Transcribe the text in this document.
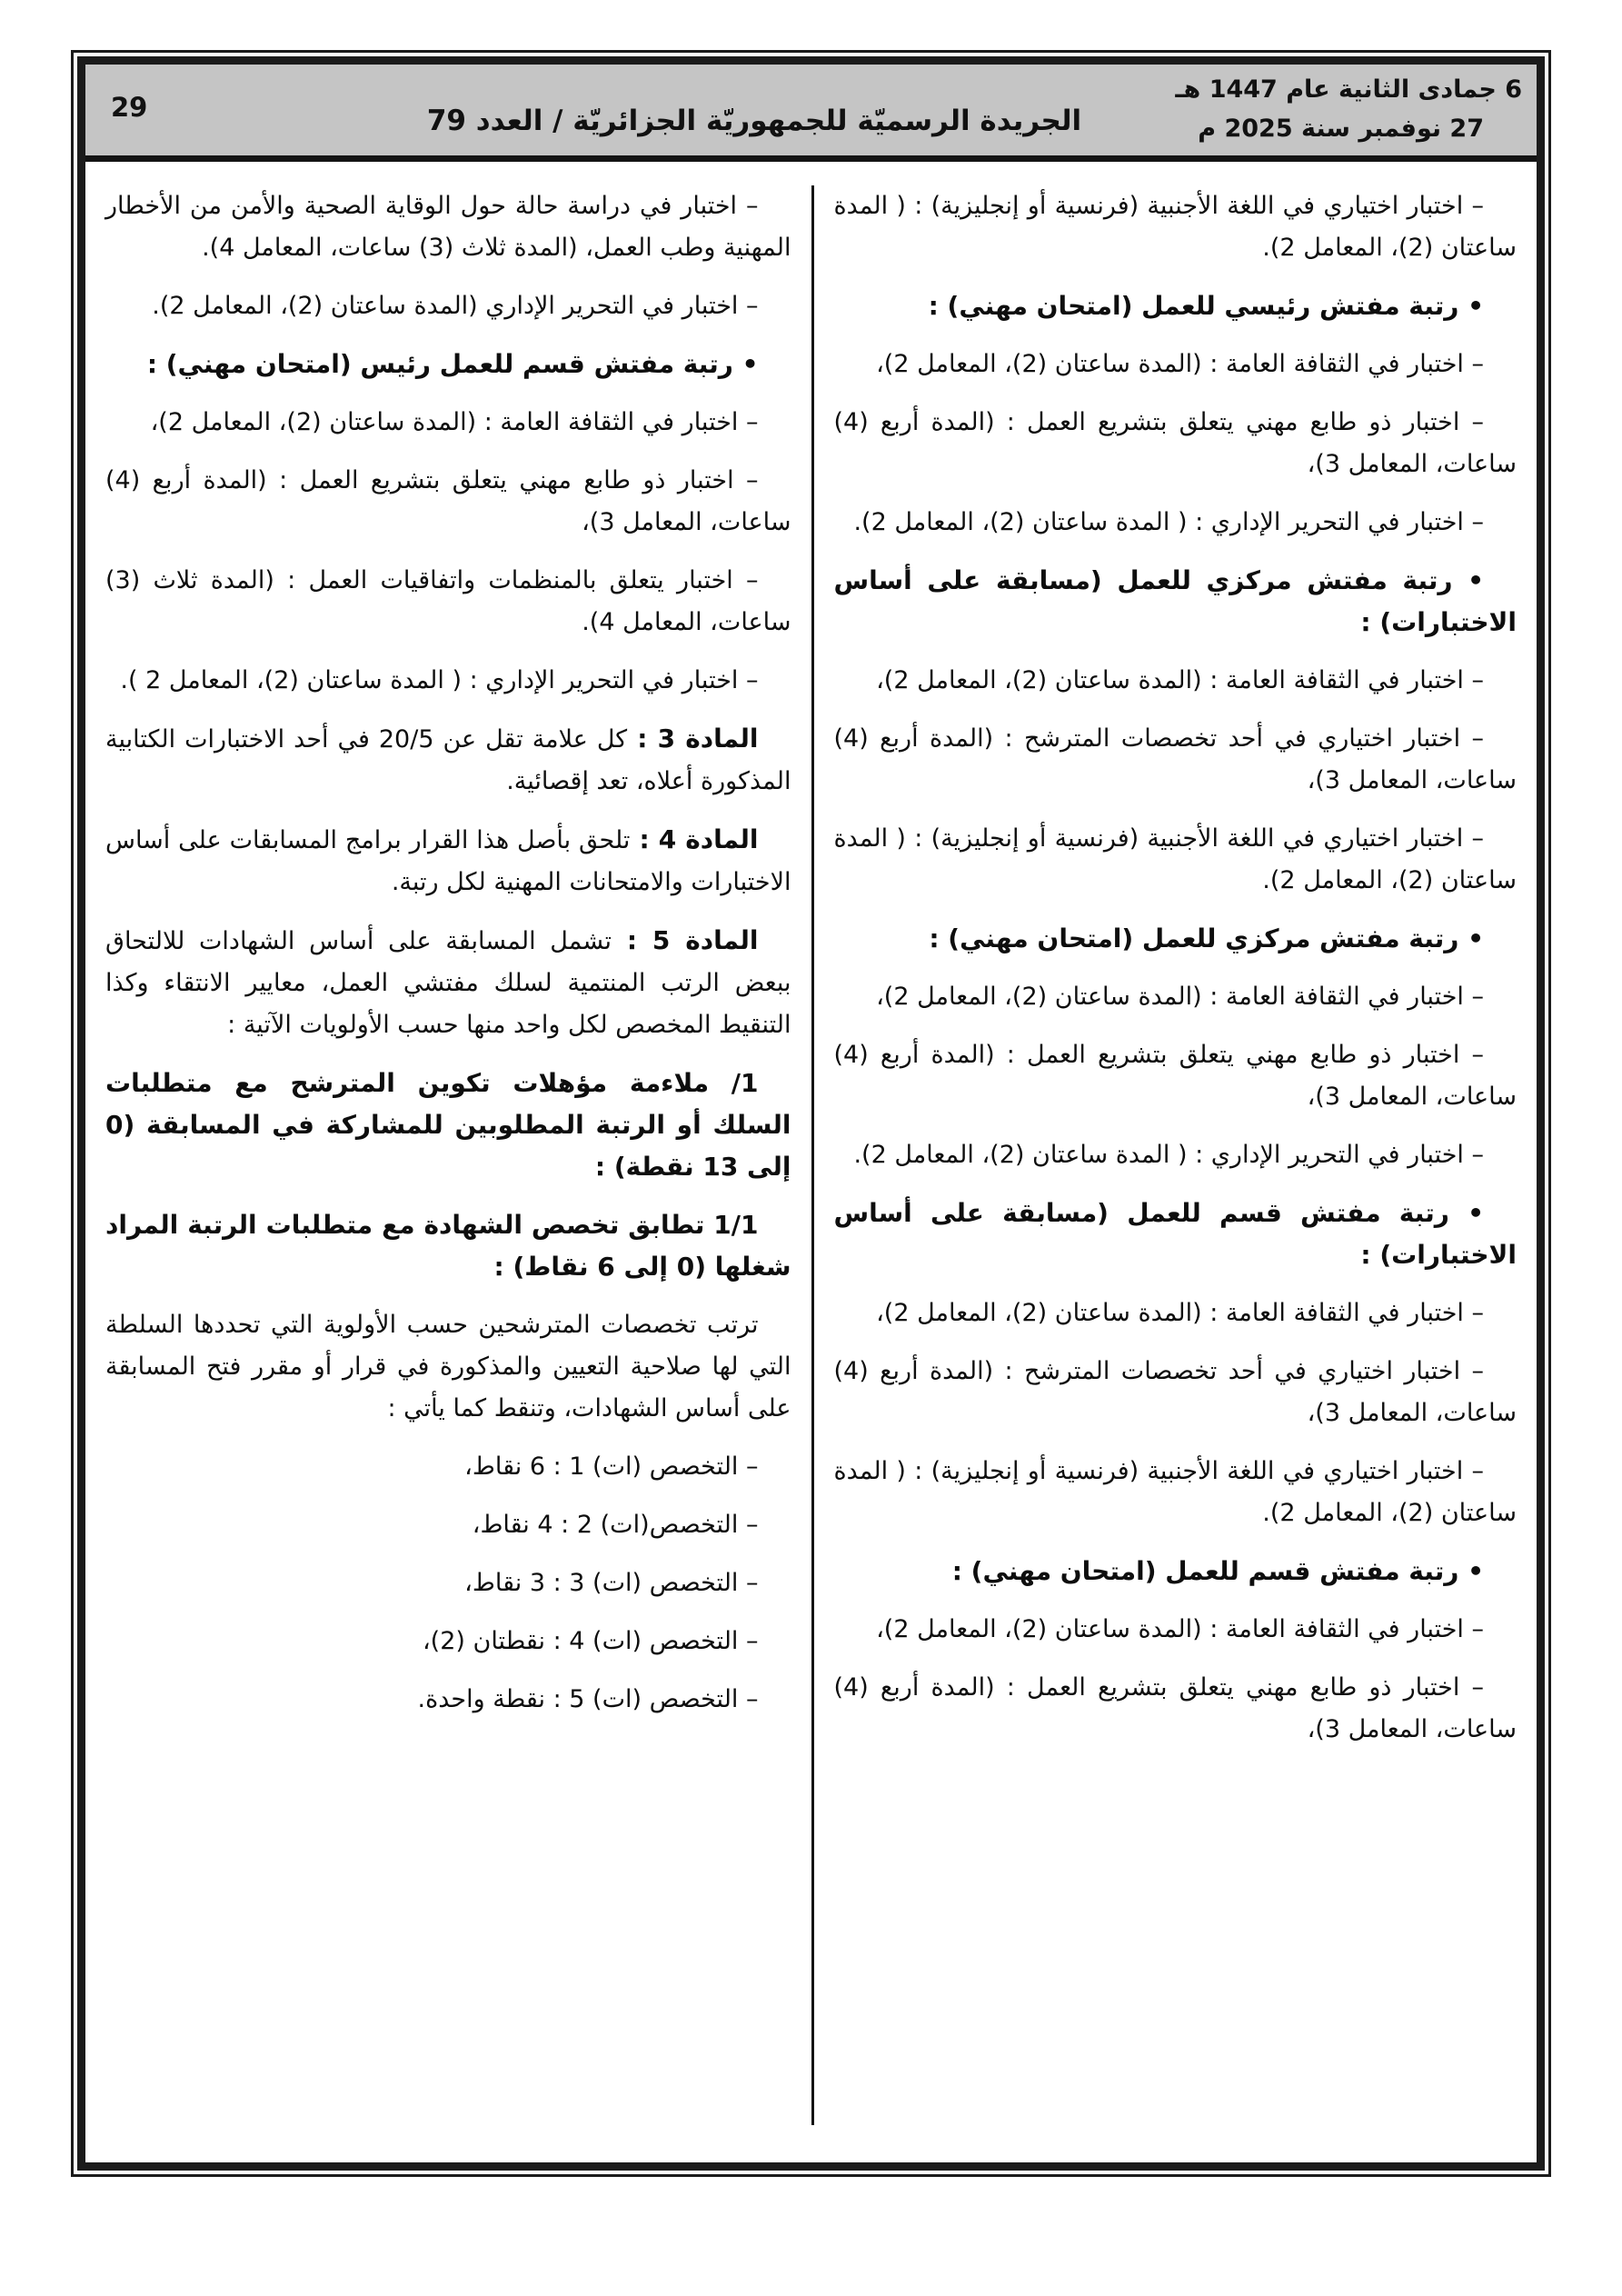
6 جمادى الثانية عام 1447 هـ
27 نوفمبر سنة 2025 م
الجريدة الرسميّة للجمهوريّة الجزائريّة / العدد 79
29

– اختبار اختياري في اللغة الأجنبية (فرنسية أو إنجليزية) : ( المدة ساعتان (2)، المعامل 2).

• رتبة مفتش رئيسي للعمل (امتحان مهني) :

– اختبار في الثقافة العامة : (المدة ساعتان (2)، المعامل 2)،

– اختبار ذو طابع مهني يتعلق بتشريع العمل : (المدة أربع (4) ساعات، المعامل 3)،

– اختبار في التحرير الإداري : ( المدة ساعتان (2)، المعامل 2).

• رتبة مفتش مركزي للعمل (مسابقة على أساس الاختبارات) :

– اختبار في الثقافة العامة : (المدة ساعتان (2)، المعامل 2)،

– اختبار اختياري في أحد تخصصات المترشح : (المدة أربع (4) ساعات، المعامل 3)،

– اختبار اختياري في اللغة الأجنبية (فرنسية أو إنجليزية) : ( المدة ساعتان (2)، المعامل 2).

• رتبة مفتش مركزي للعمل (امتحان مهني) :

– اختبار في الثقافة العامة : (المدة ساعتان (2)، المعامل 2)،

– اختبار ذو طابع مهني يتعلق بتشريع العمل : (المدة أربع (4) ساعات، المعامل 3)،

– اختبار في التحرير الإداري : ( المدة ساعتان (2)، المعامل 2).

• رتبة مفتش قسم للعمل (مسابقة على أساس الاختبارات) :

– اختبار في الثقافة العامة : (المدة ساعتان (2)، المعامل 2)،

– اختبار اختياري في أحد تخصصات المترشح : (المدة أربع (4) ساعات، المعامل 3)،

– اختبار اختياري في اللغة الأجنبية (فرنسية أو إنجليزية) : ( المدة ساعتان (2)، المعامل 2).

• رتبة مفتش قسم للعمل (امتحان مهني) :

– اختبار في الثقافة العامة : (المدة ساعتان (2)، المعامل 2)،

– اختبار ذو طابع مهني يتعلق بتشريع العمل : (المدة أربع (4) ساعات، المعامل 3)،

– اختبار في دراسة حالة حول الوقاية الصحية والأمن من الأخطار المهنية وطب العمل، (المدة ثلاث (3) ساعات، المعامل 4).

– اختبار في التحرير الإداري (المدة ساعتان (2)، المعامل 2).

• رتبة مفتش قسم للعمل رئيس (امتحان مهني) :

– اختبار في الثقافة العامة : (المدة ساعتان (2)، المعامل 2)،

– اختبار ذو طابع مهني يتعلق بتشريع العمل : (المدة أربع (4) ساعات، المعامل 3)،

– اختبار يتعلق بالمنظمات واتفاقيات العمل : (المدة ثلاث (3) ساعات، المعامل 4).

– اختبار في التحرير الإداري : ( المدة ساعتان (2)، المعامل 2 ).

المادة 3 : كل علامة تقل عن 20/5 في أحد الاختبارات الكتابية المذكورة أعلاه، تعد إقصائية.

المادة 4 : تلحق بأصل هذا القرار برامج المسابقات على أساس الاختبارات والامتحانات المهنية لكل رتبة.

المادة 5 : تشمل المسابقة على أساس الشهادات للالتحاق ببعض الرتب المنتمية لسلك مفتشي العمل، معايير الانتقاء وكذا التنقيط المخصص لكل واحد منها حسب الأولويات الآتية :

1/ ملاءمة مؤهلات تكوين المترشح مع متطلبات السلك أو الرتبة المطلوبين للمشاركة في المسابقة (0 إلى 13 نقطة) :

1/1 تطابق تخصص الشهادة مع متطلبات الرتبة المراد شغلها (0 إلى 6 نقاط) :

ترتب تخصصات المترشحين حسب الأولوية التي تحددها السلطة التي لها صلاحية التعيين والمذكورة في قرار أو مقرر فتح المسابقة على أساس الشهادات، وتنقط كما يأتي :

– التخصص (ات) 1 : 6 نقاط،

– التخصص(ات) 2 : 4 نقاط،

– التخصص (ات) 3 : 3 نقاط،

– التخصص (ات) 4 : نقطتان (2)،

– التخصص (ات) 5 : نقطة واحدة.
